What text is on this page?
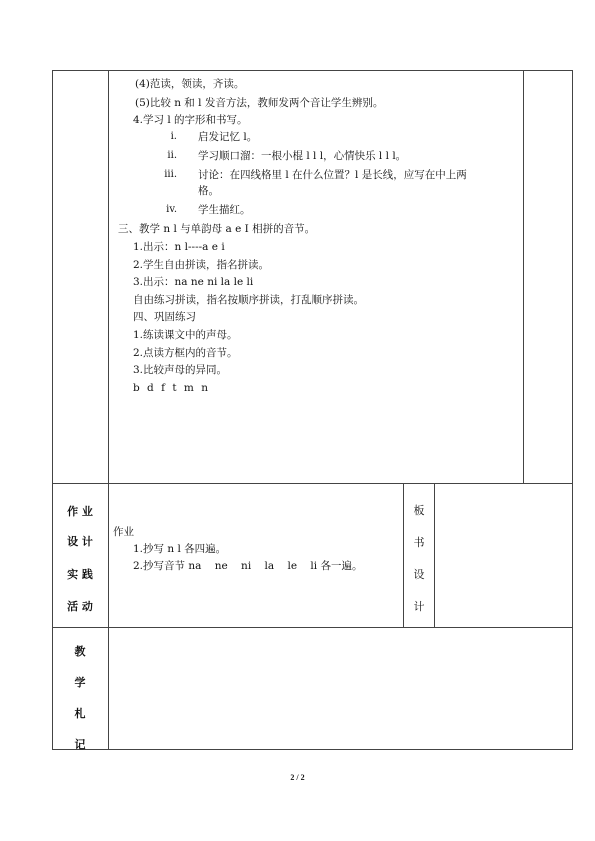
(4)范读，领读，齐读。
(5)比较 n 和 l 发音方法，教师发两个音让学生辨别。
4.学习 l 的字形和书写。
i. 启发记忆 l。
ii. 学习顺口溜：一根小棍 l l l，心情快乐 l l l。
iii. 讨论：在四线格里 l 在什么位置？l 是长线，应写在中上两
格。
iv. 学生描红。
三、教学 n l 与单韵母 a e I 相拼的音节。
1.出示：n l----a e i
2.学生自由拼读，指名拼读。
3.出示：na ne ni la le li
自由练习拼读，指名按顺序拼读，打乱顺序拼读。
四、巩固练习
1.练读课文中的声母。
2.点读方框内的音节。
3.比较声母的异同。
b d f t m n
作 业
设 计
实 践
活 动
作业
1.抄写 n l 各四遍。
2.抄写音节 na    ne    ni    la    le    li 各一遍。
板
书
设
计
教
学
札
记
2 / 2
